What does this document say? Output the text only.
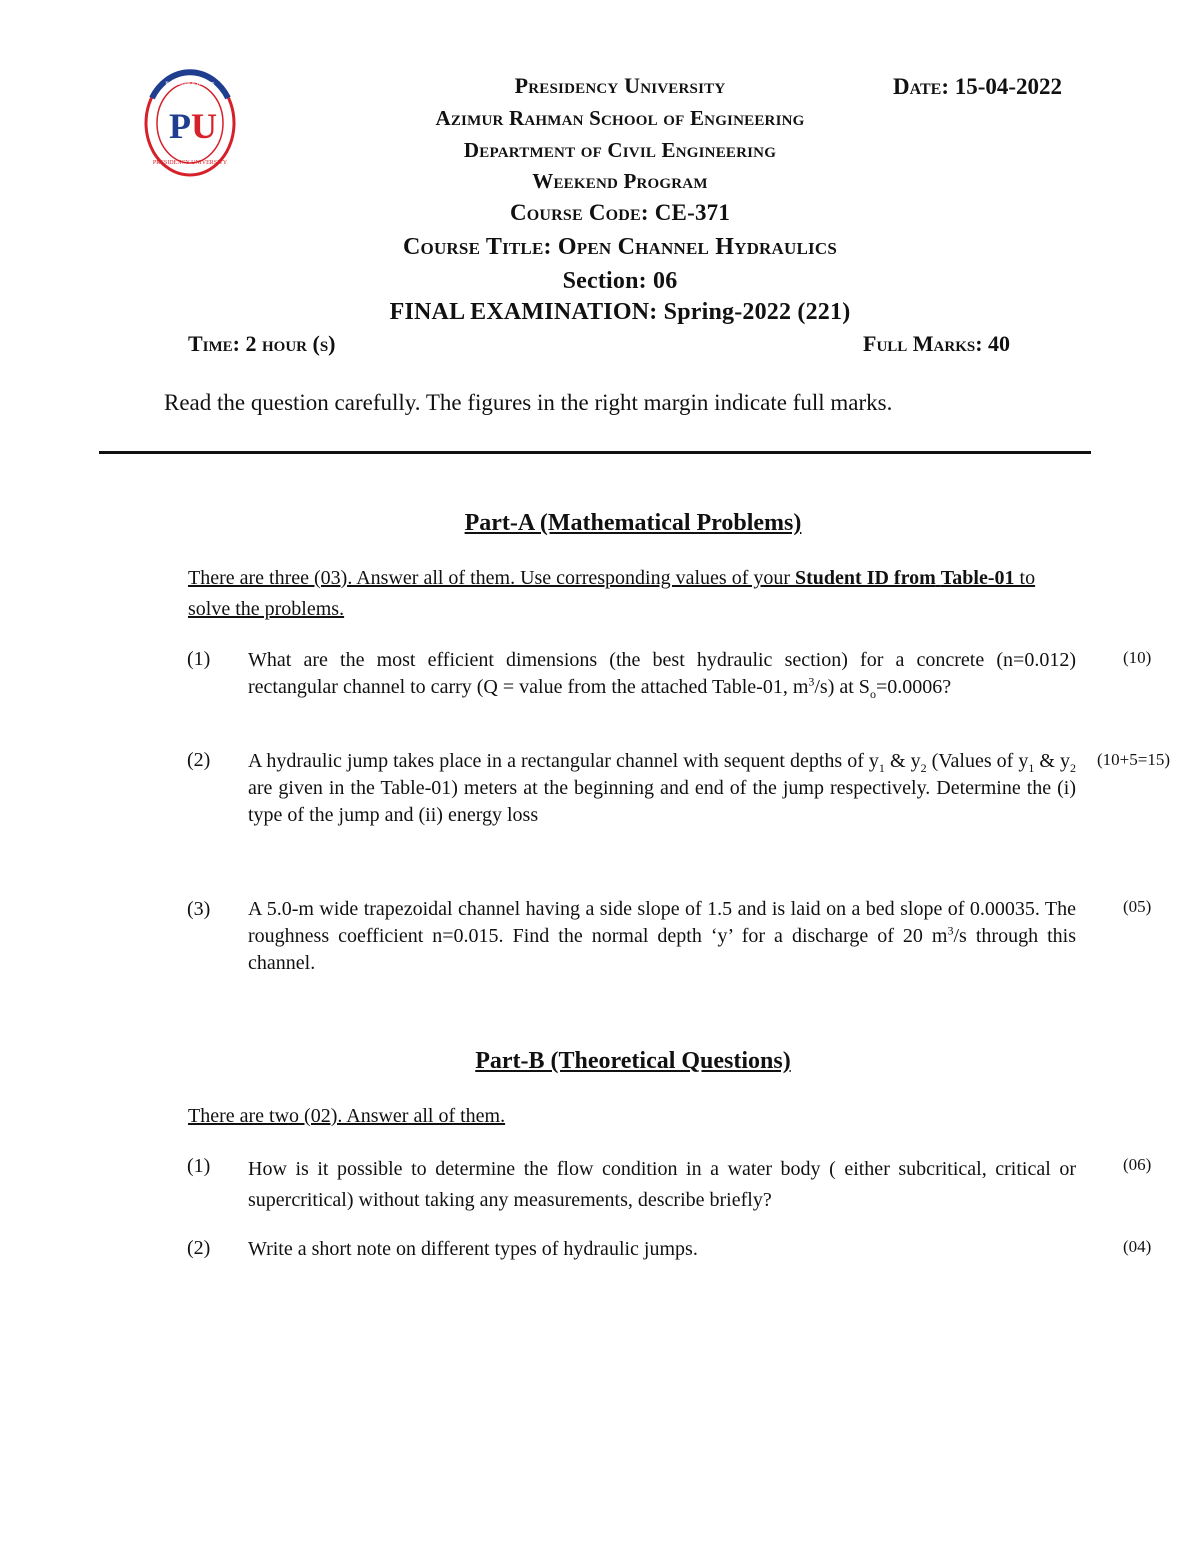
P U
PRESIDENCY UNIVERSITY
Knowledge & Wisdom	Presidency University	Date: 15-04-2022
Azimur Rahman School of Engineering
Department of Civil Engineering
Weekend Program
Course Code: CE-371
Course Title: Open Channel Hydraulics
Section: 06
FINAL EXAMINATION: Spring-2022 (221)
Time: 2 hour (s)	Full Marks: 40
Read the question carefully. The figures in the right margin indicate full marks.
Part-A (Mathematical Problems)
There are three (03). Answer all of them. Use corresponding values of your Student ID from Table-01 to solve the problems.
(1) What are the most efficient dimensions (the best hydraulic section) for a concrete (n=0.012) rectangular channel to carry (Q = value from the attached Table-01, $m^3/s$) at $S_o=0.0006$?
(10)
(2) A hydraulic jump takes place in a rectangular channel with sequent depths of $y_1$ & $y_2$ (Values of $y_1$ & $y_2$ are given in the Table-01) meters at the beginning and end of the jump respectively. Determine the (i) type of the jump and (ii) energy loss
(10+5=15)
(3) A 5.0-m wide trapezoidal channel having a side slope of 1.5 and is laid on a bed slope of 0.00035. The roughness coefficient n=0.015. Find the normal depth ‘y’ for a discharge of 20 $m^3/s$ through this channel.
(05)
Part-B (Theoretical Questions)
There are two (02). Answer all of them.
(1) How is it possible to determine the flow condition in a water body ( either subcritical, critical or supercritical) without taking any measurements, describe briefly?
(06)
(2) Write a short note on different types of hydraulic jumps.	(04)
